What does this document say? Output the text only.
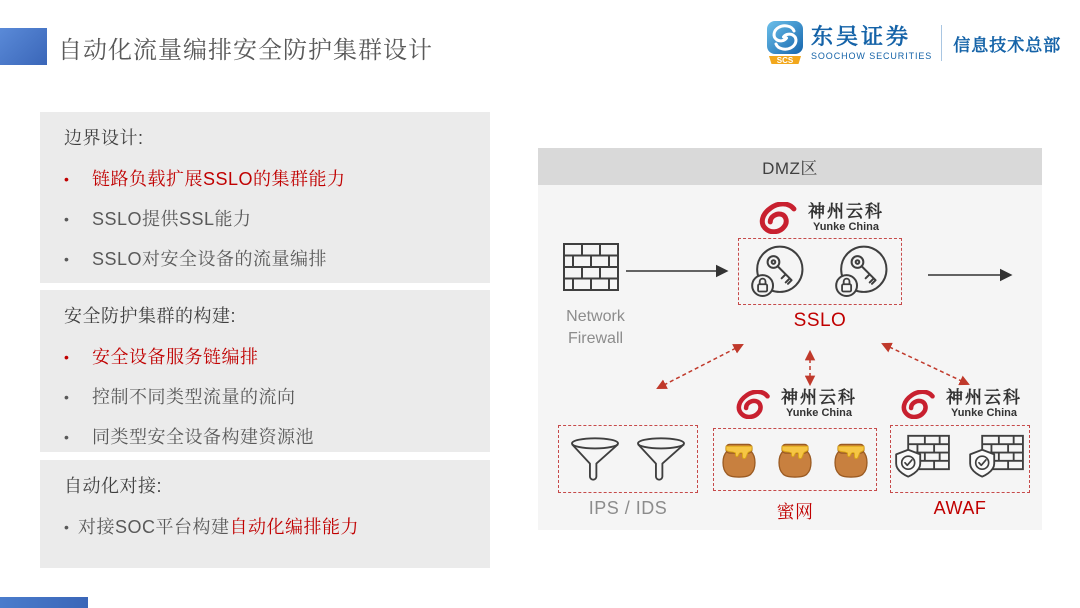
自动化流量编排安全防护集群设计	SCS
东吴证券
SOOCHOW SECURITIES
信息技术总部
边界设计:
•	链路负载扩展SSLO的集群能力
•	SSLO提供SSL能力
•	SSLO对安全设备的流量编排
安全防护集群的构建:
•	安全设备服务链编排
•	控制不同类型流量的流向
•	同类型安全设备构建资源池
自动化对接:
• 对接SOC平台构建自动化编排能力
DMZ区
Network
Firewall
神州云科
Yunke China
SSLO
IPS / IDS
神州云科
Yunke China
蜜网
神州云科
Yunke China
AWAF
